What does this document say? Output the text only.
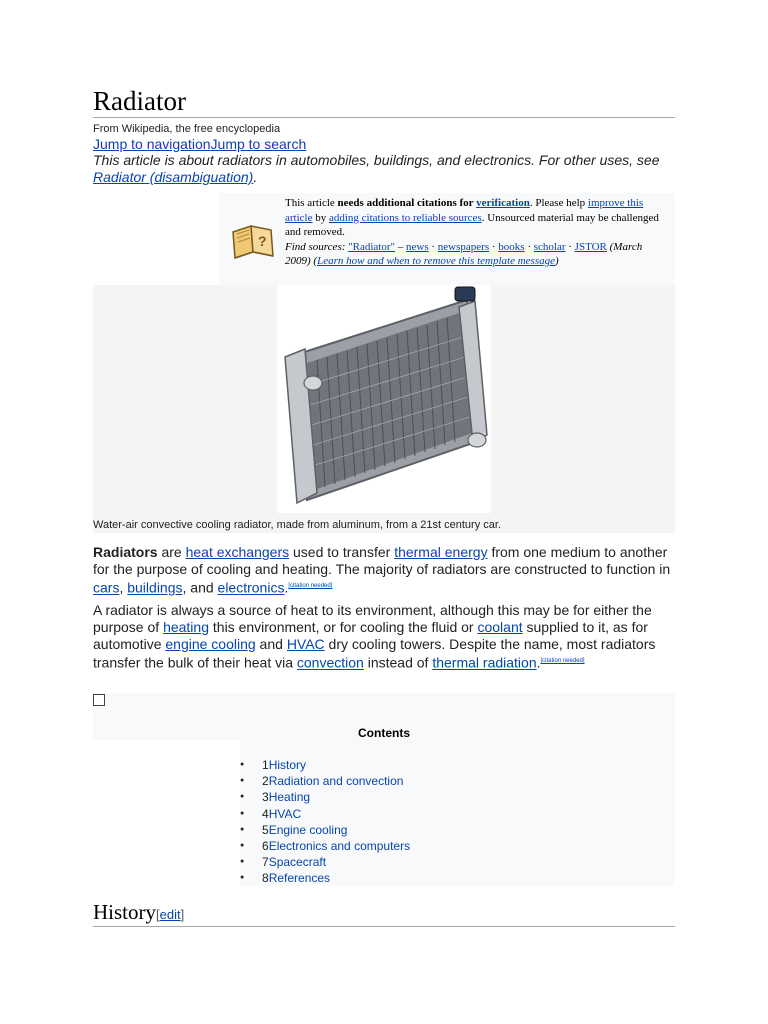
Radiator
From Wikipedia, the free encyclopedia
Jump to navigationJump to search
This article is about radiators in automobiles, buildings, and electronics. For other uses, see Radiator (disambiguation).
?
This article needs additional citations for verification. Please help improve this article by adding citations to reliable sources. Unsourced material may be challenged and removed.
Find sources: "Radiator" – news · newspapers · books · scholar · JSTOR (March 2009) (Learn how and when to remove this template message)
Water-air convective cooling radiator, made from aluminum, from a 21st century car.
Radiators are heat exchangers used to transfer thermal energy from one medium to another for the purpose of cooling and heating. The majority of radiators are constructed to function in cars, buildings, and electronics.[citation needed]
A radiator is always a source of heat to its environment, although this may be for either the purpose of heating this environment, or for cooling the fluid or coolant supplied to it, as for automotive engine cooling and HVAC dry cooling towers. Despite the name, most radiators transfer the bulk of their heat via convection instead of thermal radiation.[citation needed]
Contents
● 1History
● 2Radiation and convection
● 3Heating
● 4HVAC
● 5Engine cooling
● 6Electronics and computers
● 7Spacecraft
● 8References
History[edit]
